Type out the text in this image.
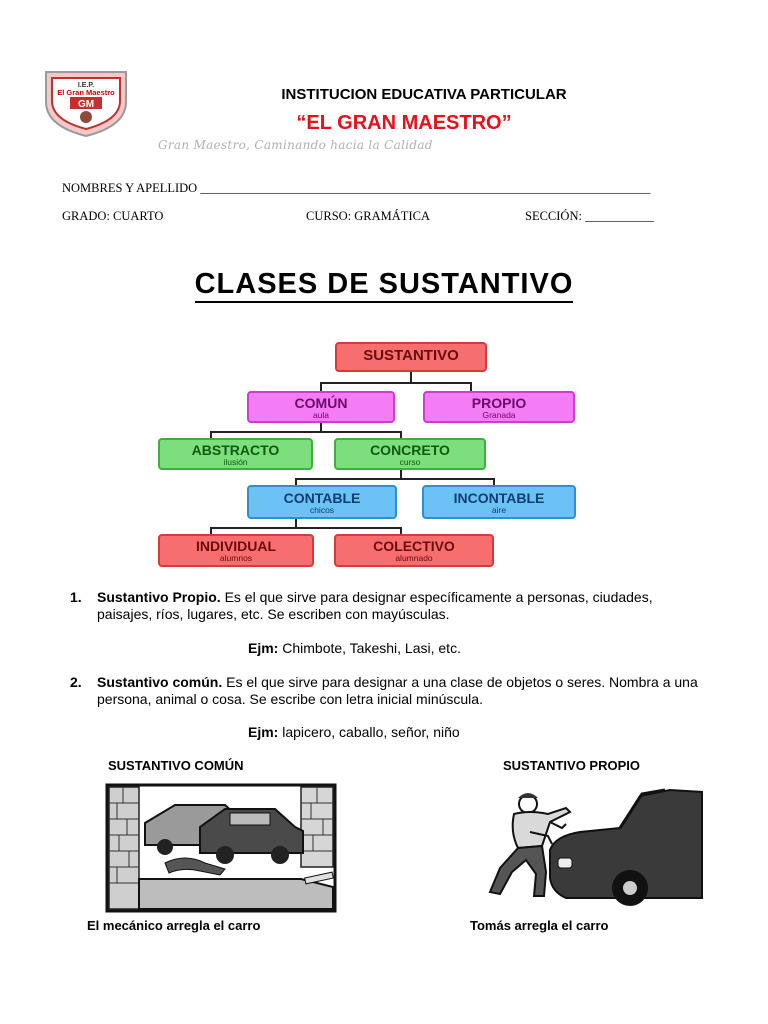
I.E.P.
El Gran Maestro
GM
INSTITUCION EDUCATIVA PARTICULAR
“EL GRAN MAESTRO”
Gran Maestro, Caminando hacia la Calidad
NOMBRES Y APELLIDO ________________________________________________________________________
GRADO: CUARTO	CURSO: GRAMÁTICA	SECCIÓN: ___________
CLASES DE SUSTANTIVO
SUSTANTIVO
COMÚN
aula
PROPIO
Granada
ABSTRACTO
ilusión
CONCRETO
curso
CONTABLE
chicos
INCONTABLE
aire
INDIVIDUAL
alumnos
COLECTIVO
alumnado
1. Sustantivo Propio. Es el que sirve para designar específicamente a personas, ciudades, paisajes, ríos, lugares, etc. Se escriben con mayúsculas.
Ejm: Chimbote, Takeshi, Lasi, etc.
2. Sustantivo común. Es el que sirve para designar a una clase de objetos o seres. Nombra a una persona, animal o cosa. Se escribe con letra inicial minúscula.
Ejm: lapicero, caballo, señor, niño
SUSTANTIVO COMÚN	SUSTANTIVO PROPIO
El mecánico arregla el carro	Tomás arregla el carro
